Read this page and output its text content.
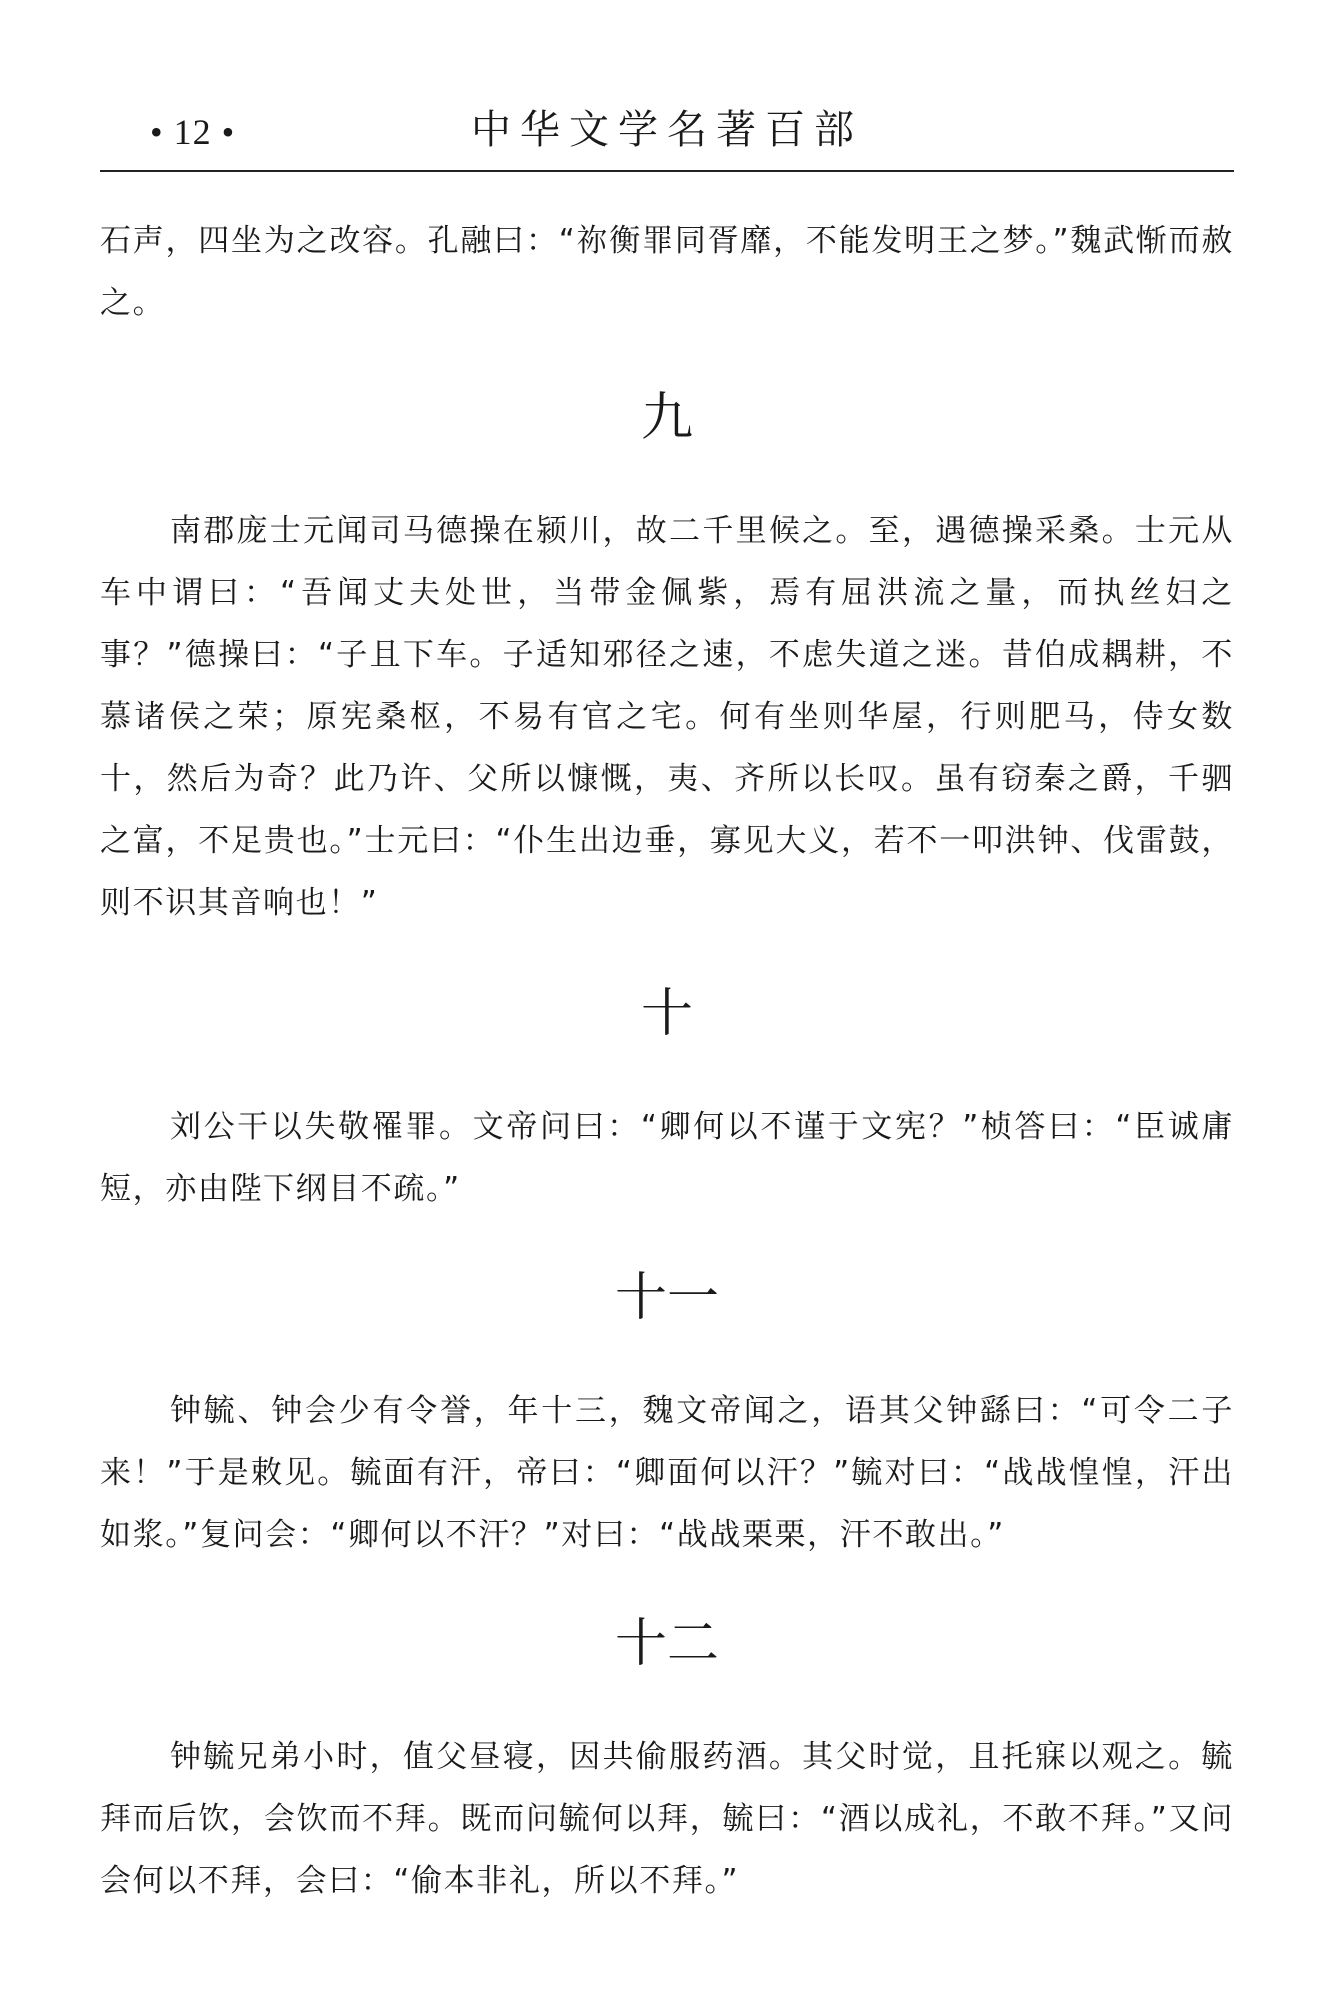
• 12 •	中华文学名著百部

石声，四坐为之改容。孔融曰：“祢衡罪同胥靡，不能发明王之梦。”魏武惭而赦之。

九

南郡庞士元闻司马德操在颍川，故二千里候之。至，遇德操采桑。士元从车中谓曰：“吾闻丈夫处世，当带金佩紫，焉有屈洪流之量，而执丝妇之事？”德操曰：“子且下车。子适知邪径之速，不虑失道之迷。昔伯成耦耕，不慕诸侯之荣；原宪桑枢，不易有官之宅。何有坐则华屋，行则肥马，侍女数十，然后为奇？此乃许、父所以慷慨，夷、齐所以长叹。虽有窃秦之爵，千驷之富，不足贵也。”士元曰：“仆生出边垂，寡见大义，若不一叩洪钟、伐雷鼓，则不识其音响也！”

十

刘公干以失敬罹罪。文帝问曰：“卿何以不谨于文宪？”桢答曰：“臣诚庸短，亦由陛下纲目不疏。”

十一

钟毓、钟会少有令誉，年十三，魏文帝闻之，语其父钟繇曰：“可令二子来！”于是敕见。毓面有汗，帝曰：“卿面何以汗？”毓对曰：“战战惶惶，汗出如浆。”复问会：“卿何以不汗？”对曰：“战战栗栗，汗不敢出。”

十二

钟毓兄弟小时，值父昼寝，因共偷服药酒。其父时觉，且托寐以观之。毓拜而后饮，会饮而不拜。既而问毓何以拜，毓曰：“酒以成礼，不敢不拜。”又问会何以不拜，会曰：“偷本非礼，所以不拜。”
